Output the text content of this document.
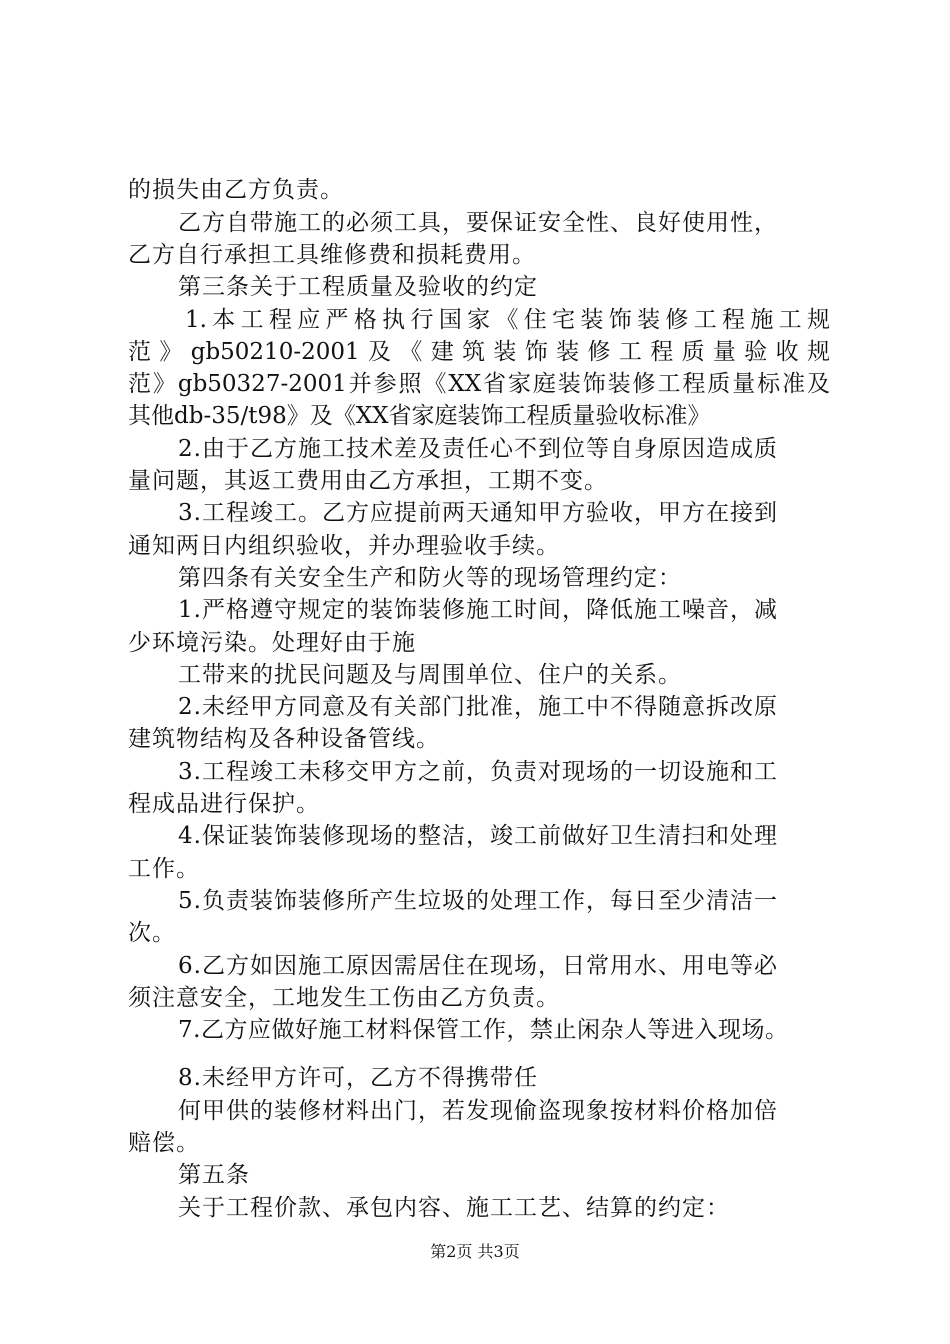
的损失由乙方负责。
乙方自带施工的必须工具，要保证安全性、良好使用性，
乙方自行承担工具维修费和损耗费用。
第三条关于工程质量及验收的约定
1.本工程应严格执行国家《住宅装饰装修工程施工规
范》gb50210-2001及《建筑装饰装修工程质量验收规
范》gb50327-2001并参照《XX省家庭装饰装修工程质量标准及
其他db-35/t98》及《XX省家庭装饰工程质量验收标准》
2.由于乙方施工技术差及责任心不到位等自身原因造成质
量问题，其返工费用由乙方承担，工期不变。
3.工程竣工。乙方应提前两天通知甲方验收，甲方在接到
通知两日内组织验收，并办理验收手续。
第四条有关安全生产和防火等的现场管理约定：
1.严格遵守规定的装饰装修施工时间，降低施工噪音，减
少环境污染。处理好由于施
工带来的扰民问题及与周围单位、住户的关系。
2.未经甲方同意及有关部门批准，施工中不得随意拆改原
建筑物结构及各种设备管线。
3.工程竣工未移交甲方之前，负责对现场的一切设施和工
程成品进行保护。
4.保证装饰装修现场的整洁，竣工前做好卫生清扫和处理
工作。
5.负责装饰装修所产生垃圾的处理工作，每日至少清洁一
次。
6.乙方如因施工原因需居住在现场，日常用水、用电等必
须注意安全，工地发生工伤由乙方负责。
7.乙方应做好施工材料保管工作，禁止闲杂人等进入现场。
8.未经甲方许可，乙方不得携带任
何甲供的装修材料出门，若发现偷盗现象按材料价格加倍
赔偿。
第五条
关于工程价款、承包内容、施工工艺、结算的约定：
第2页 共3页
